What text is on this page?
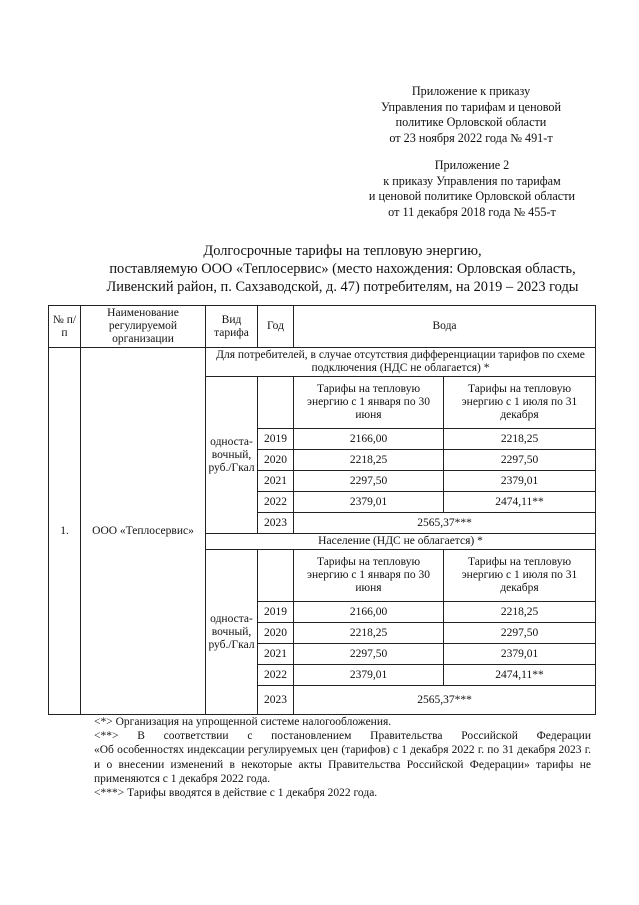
Приложение к приказу
Управления по тарифам и ценовой
политике Орловской области
от 23 ноября 2022 года № 491-т
Приложение 2
к приказу Управления по тарифам
и ценовой политике Орловской области
от 11 декабря 2018 года № 455-т
Долгосрочные тарифы на тепловую энергию,
поставляемую ООО «Теплосервис» (место нахождения: Орловская область,
Ливенский район, п. Сахзаводской, д. 47) потребителям, на 2019 – 2023 годы
№ п/п	Наименование регулируемой организации	Вид тарифа	Год	Вода	
1.	ООО «Теплосервис»	Для потребителей, в случае отсутствия дифференциации тарифов по схеме подключения (НДС не облагается) *			
		односта-вочный, руб./Гкал		Тарифы на тепловую энергию с 1 января по 30 июня	Тарифы на тепловую энергию с 1 июля по 31 декабря
			2019	2166,00	2218,25
			2020	2218,25	2297,50
			2021	2297,50	2379,01
			2022	2379,01	2474,11**
			2023	2565,37***	
		Население (НДС не облагается) *			
		односта-вочный, руб./Гкал		Тарифы на тепловую энергию с 1 января по 30 июня	Тарифы на тепловую энергию с 1 июля по 31 декабря
			2019	2166,00	2218,25
			2020	2218,25	2297,50
			2021	2297,50	2379,01
			2022	2379,01	2474,11**
			2023	2565,37***	

<*> Организация на упрощенной системе налогообложения.

<**> В соответствии с постановлением Правительства Российской Федерации

«Об особенностях индексации регулируемых цен (тарифов) с 1 декабря 2022 г. по 31 декабря 2023 г. и о внесении изменений в некоторые акты Правительства Российской Федерации» тарифы не применяются с 1 декабря 2022 года.

<***> Тарифы вводятся в действие с 1 декабря 2022 года.
